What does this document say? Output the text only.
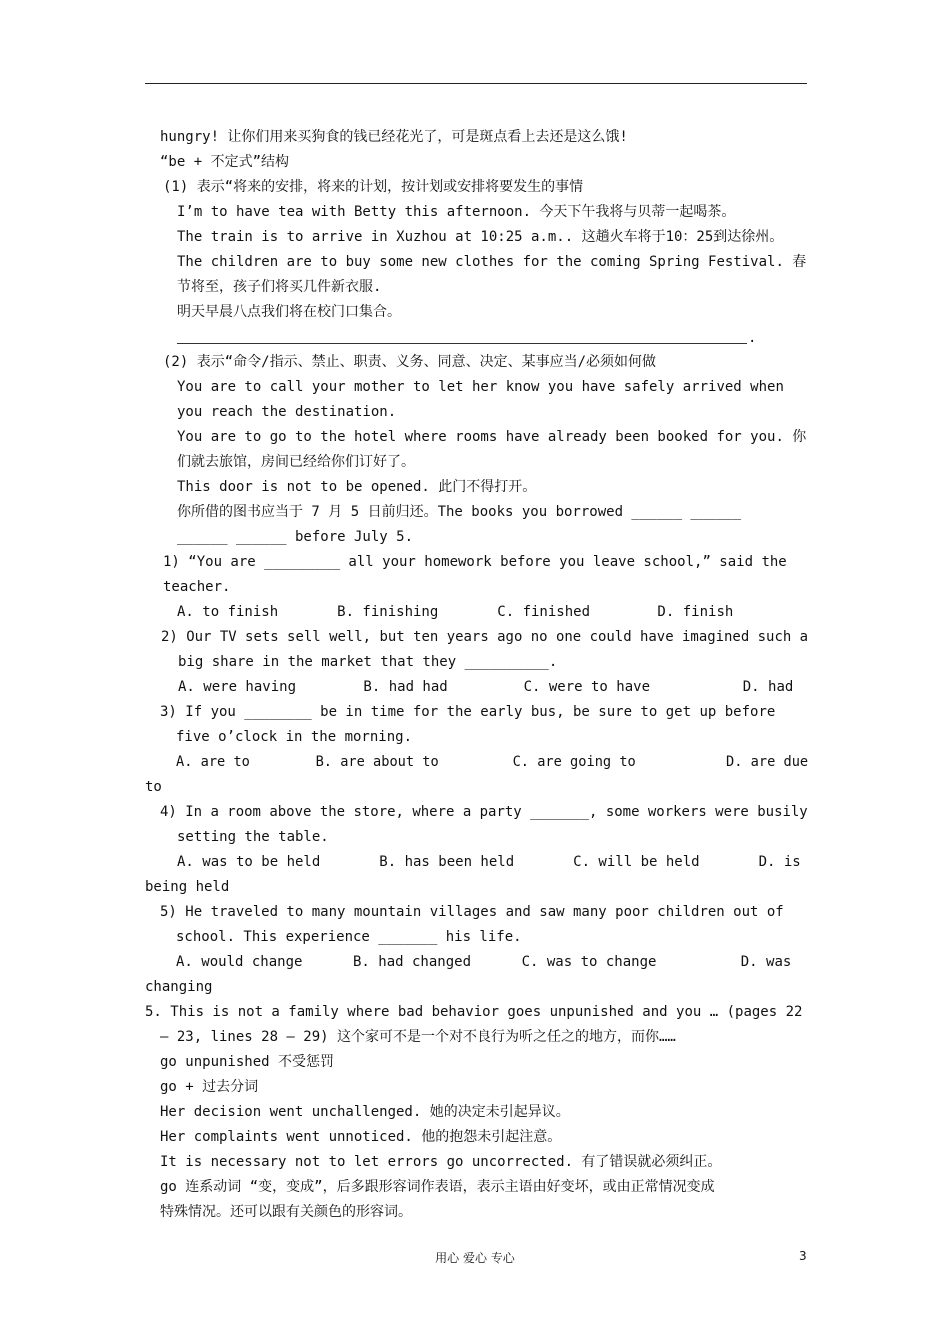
hungry! 让你们用来买狗食的钱已经花光了，可是斑点看上去还是这么饿!
“be + 不定式”结构
(1) 表示“将来的安排，将来的计划，按计划或安排将要发生的事情
I’m to have tea with Betty this afternoon. 今天下午我将与贝蒂一起喝茶。
The train is to arrive in Xuzhou at 10:25 a.m.. 这趟火车将于10：25到达徐州。
The children are to buy some new clothes for the coming Spring Festival. 春
节将至，孩子们将买几件新衣服.
明天早晨八点我们将在校门口集合。
.
(2) 表示“命令/指示、禁止、职责、义务、同意、决定、某事应当/必须如何做
You are to call your mother to let her know you have safely arrived when
you reach the destination.
You are to go to the hotel where rooms have already been booked for you. 你
们就去旅馆，房间已经给你们订好了。
This door is not to be opened. 此门不得打开。
你所借的图书应当于 7 月 5 日前归还。The books you borrowed ______ ______
______ ______ before July 5.
1) “You are _________ all your homework before you leave school,” said the
teacher.
A. to finish       B. finishing       C. finished        D. finish
2) Our TV sets sell well, but ten years ago no one could have imagined such a
big share in the market that they __________.
A. were having        B. had had         C. were to have           D. had
3) If you ________ be in time for the early bus, be sure to get up before
five o’clock in the morning.
A. are to        B. are about to         C. are going to           D. are due
to
4) In a room above the store, where a party _______, some workers were busily
setting the table.
A. was to be held       B. has been held       C. will be held       D. is
being held
5) He traveled to many mountain villages and saw many poor children out of
school. This experience _______ his life.
A. would change      B. had changed      C. was to change          D. was
changing
5. This is not a family where bad behavior goes unpunished and you … (pages 22
– 23, lines 28 – 29) 这个家可不是一个对不良行为听之任之的地方，而你……
go unpunished 不受惩罚
go + 过去分词
Her decision went unchallenged. 她的决定未引起异议。
Her complaints went unnoticed. 他的抱怨未引起注意。
It is necessary not to let errors go uncorrected. 有了错误就必须纠正。
go 连系动词 “变，变成”，后多跟形容词作表语，表示主语由好变坏，或由正常情况变成
特殊情况。还可以跟有关颜色的形容词。
用心 爱心 专心	3
